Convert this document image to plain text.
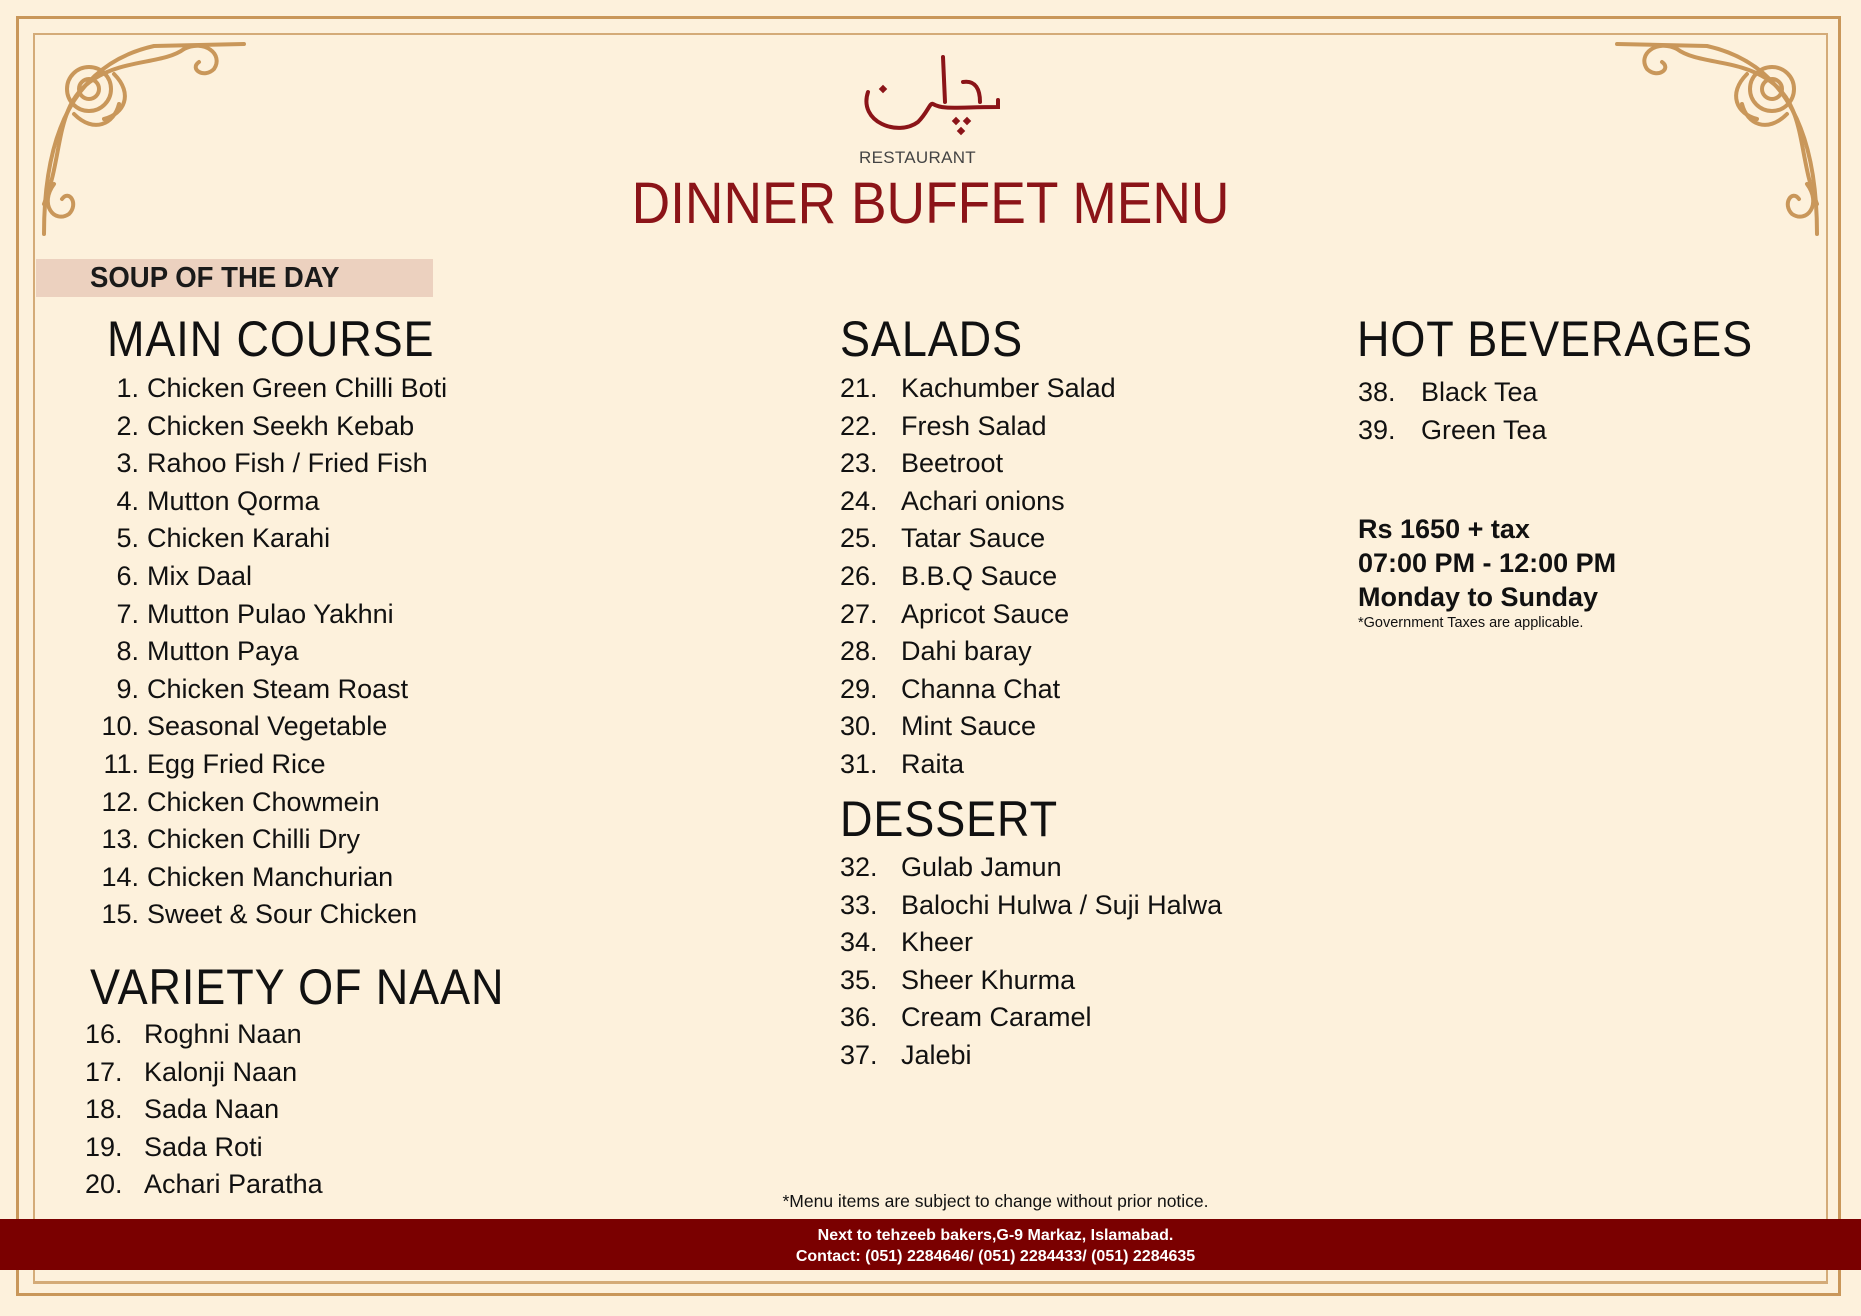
RESTAURANT
DINNER BUFFET MENU
SOUP OF THE DAY
MAIN COURSE
1. Chicken Green Chilli Boti
2. Chicken Seekh Kebab
3. Rahoo Fish / Fried Fish
4. Mutton Qorma
5. Chicken Karahi
6. Mix Daal
7. Mutton Pulao Yakhni
8. Mutton Paya
9. Chicken Steam Roast
10. Seasonal Vegetable
11. Egg Fried Rice
12. Chicken Chowmein
13. Chicken Chilli Dry
14. Chicken Manchurian
15. Sweet & Sour Chicken
VARIETY OF NAAN
16. Roghni Naan
17. Kalonji Naan
18. Sada Naan
19. Sada Roti
20. Achari Paratha
SALADS
21. Kachumber Salad
22. Fresh Salad
23. Beetroot
24. Achari onions
25. Tatar Sauce
26. B.B.Q Sauce
27. Apricot Sauce
28. Dahi baray
29. Channa Chat
30. Mint Sauce
31. Raita
DESSERT
32. Gulab Jamun
33. Balochi Hulwa / Suji Halwa
34. Kheer
35. Sheer Khurma
36. Cream Caramel
37. Jalebi
HOT BEVERAGES
38. Black Tea
39. Green Tea
Rs 1650 + tax
07:00 PM - 12:00 PM
Monday to Sunday
*Government Taxes are applicable.
*Menu items are subject to change without prior notice.
Next to tehzeeb bakers,G-9 Markaz, Islamabad.
Contact: (051) 2284646/ (051) 2284433/ (051) 2284635
